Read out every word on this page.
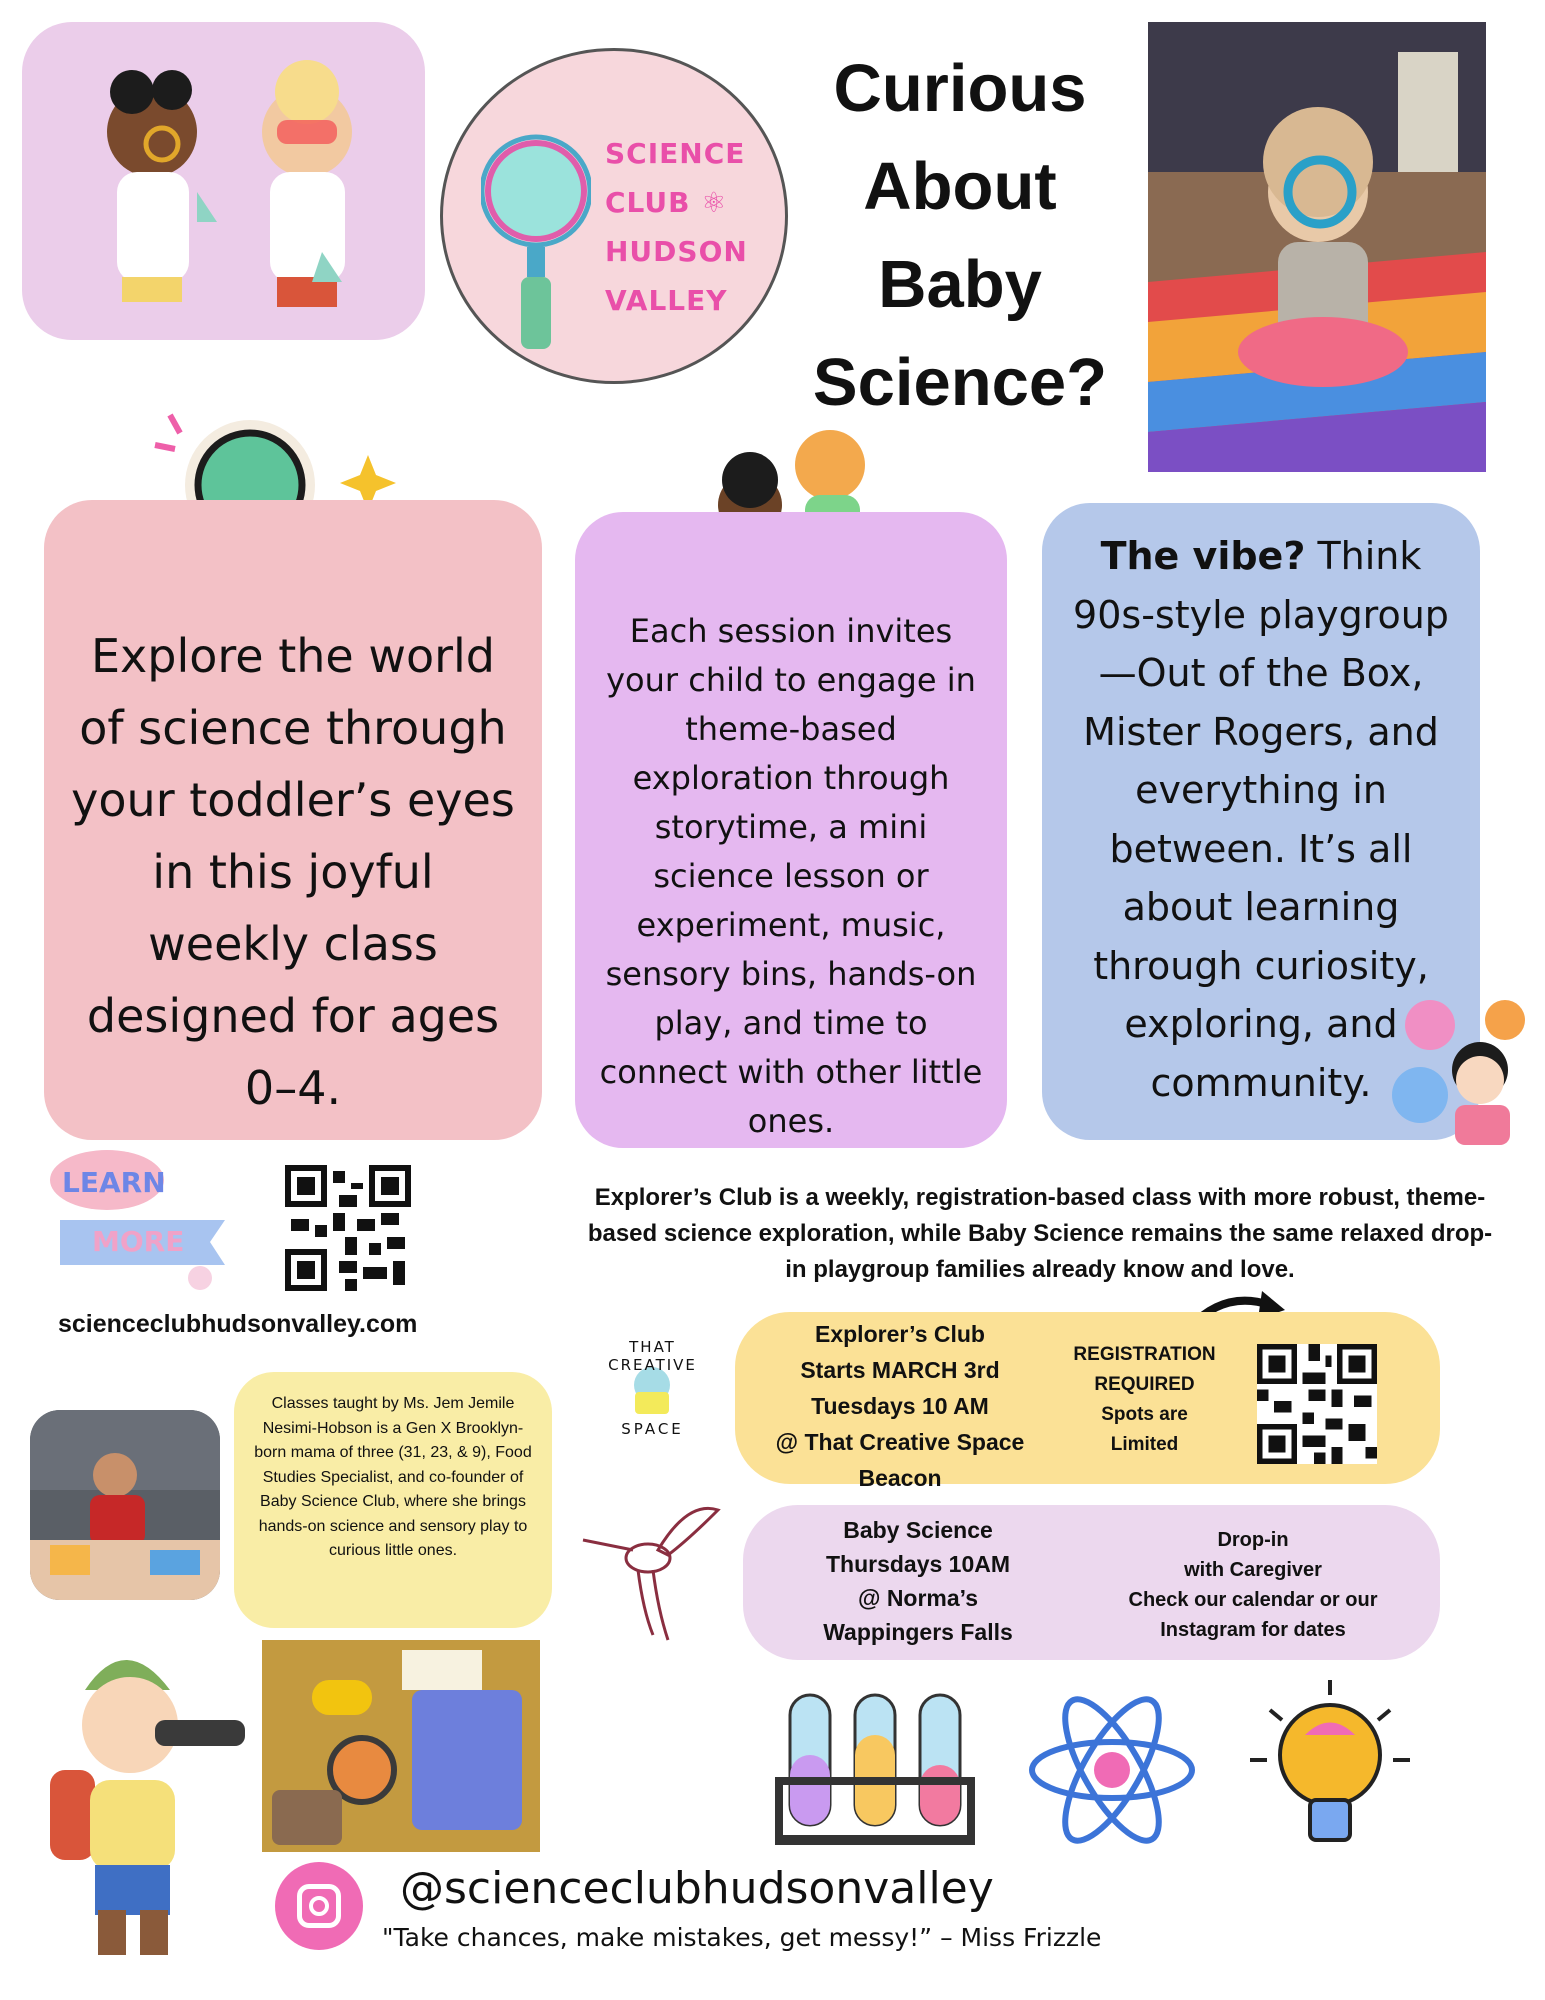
SCIENCE
CLUB ⚛
HUDSON
VALLEY
Curious
About
Baby
Science?
Explore the world of science through your toddler’s eyes in this joyful weekly class designed for ages 0–4.
Each session invites your child to engage in theme-based exploration through storytime, a mini science lesson or experiment, music, sensory bins, hands-on play, and time to connect with other little ones.
The vibe? Think 90s-style playgroup—Out of the Box, Mister Rogers, and everything in between. It’s all about learning through curiosity, exploring, and community.
LEARN
MORE
scienceclubhudsonvalley.com
Explorer’s Club is a weekly, registration-based class with more robust, theme-based science exploration, while Baby Science remains the same relaxed drop-in playgroup families already know and love.
THAT CREATIVE
SPACE
Explorer’s Club
Starts MARCH 3rd
Tuesdays 10 AM
@ That Creative Space
Beacon
REGISTRATION
REQUIRED
Spots are
Limited
Baby Science
Thursdays 10AM
@ Norma’s
Wappingers Falls
Drop-in
with Caregiver
Check our calendar or our
Instagram for dates
Classes taught by Ms. Jem Jemile Nesimi-Hobson is a Gen X Brooklyn-born mama of three (31, 23, & 9), Food Studies Specialist, and co-founder of Baby Science Club, where she brings hands-on science and sensory play to curious little ones.
@scienceclubhudsonvalley
"Take chances, make mistakes, get messy!” – Miss Frizzle
